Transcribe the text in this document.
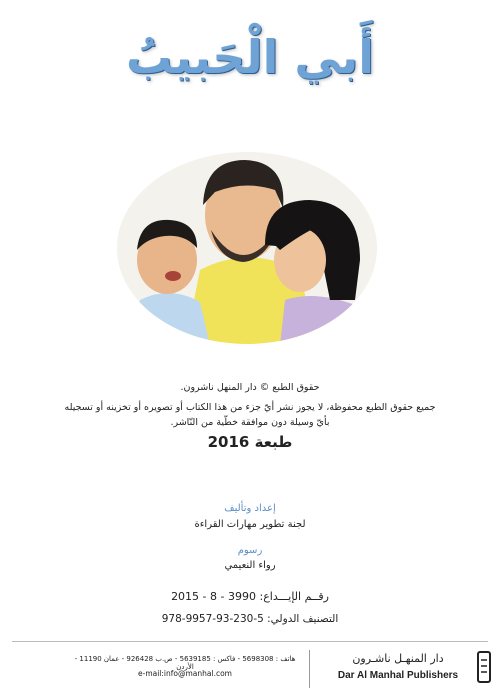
أَبي الْحَبيبُ
حقوق الطبع © دار المنهل ناشرون.
جميع حقوق الطبع محفوظة، لا يجوز نشر أيّ جزء من هذا الكتاب أو تصويره أو تخزينه أو تسجيله
بأيّ وسيلة دون موافقة خطّية من النّاشر.
طبعة 2016
إعداد وتأليف
لجنة تطوير مهارات القراءة
رسوم
رواء النعيمي
رقــم الإيـــداع: 3990 - 8 - 2015
التصنيف الدولي: 5-230-93-9957-978
هاتف : 5698308 - فاكس : 5639185 - ص.ب 926428 - عمان 11190 - الأردن
e-mail:info@manhal.com
دار المنهـل ناشـرون
Dar Al Manhal Publishers
